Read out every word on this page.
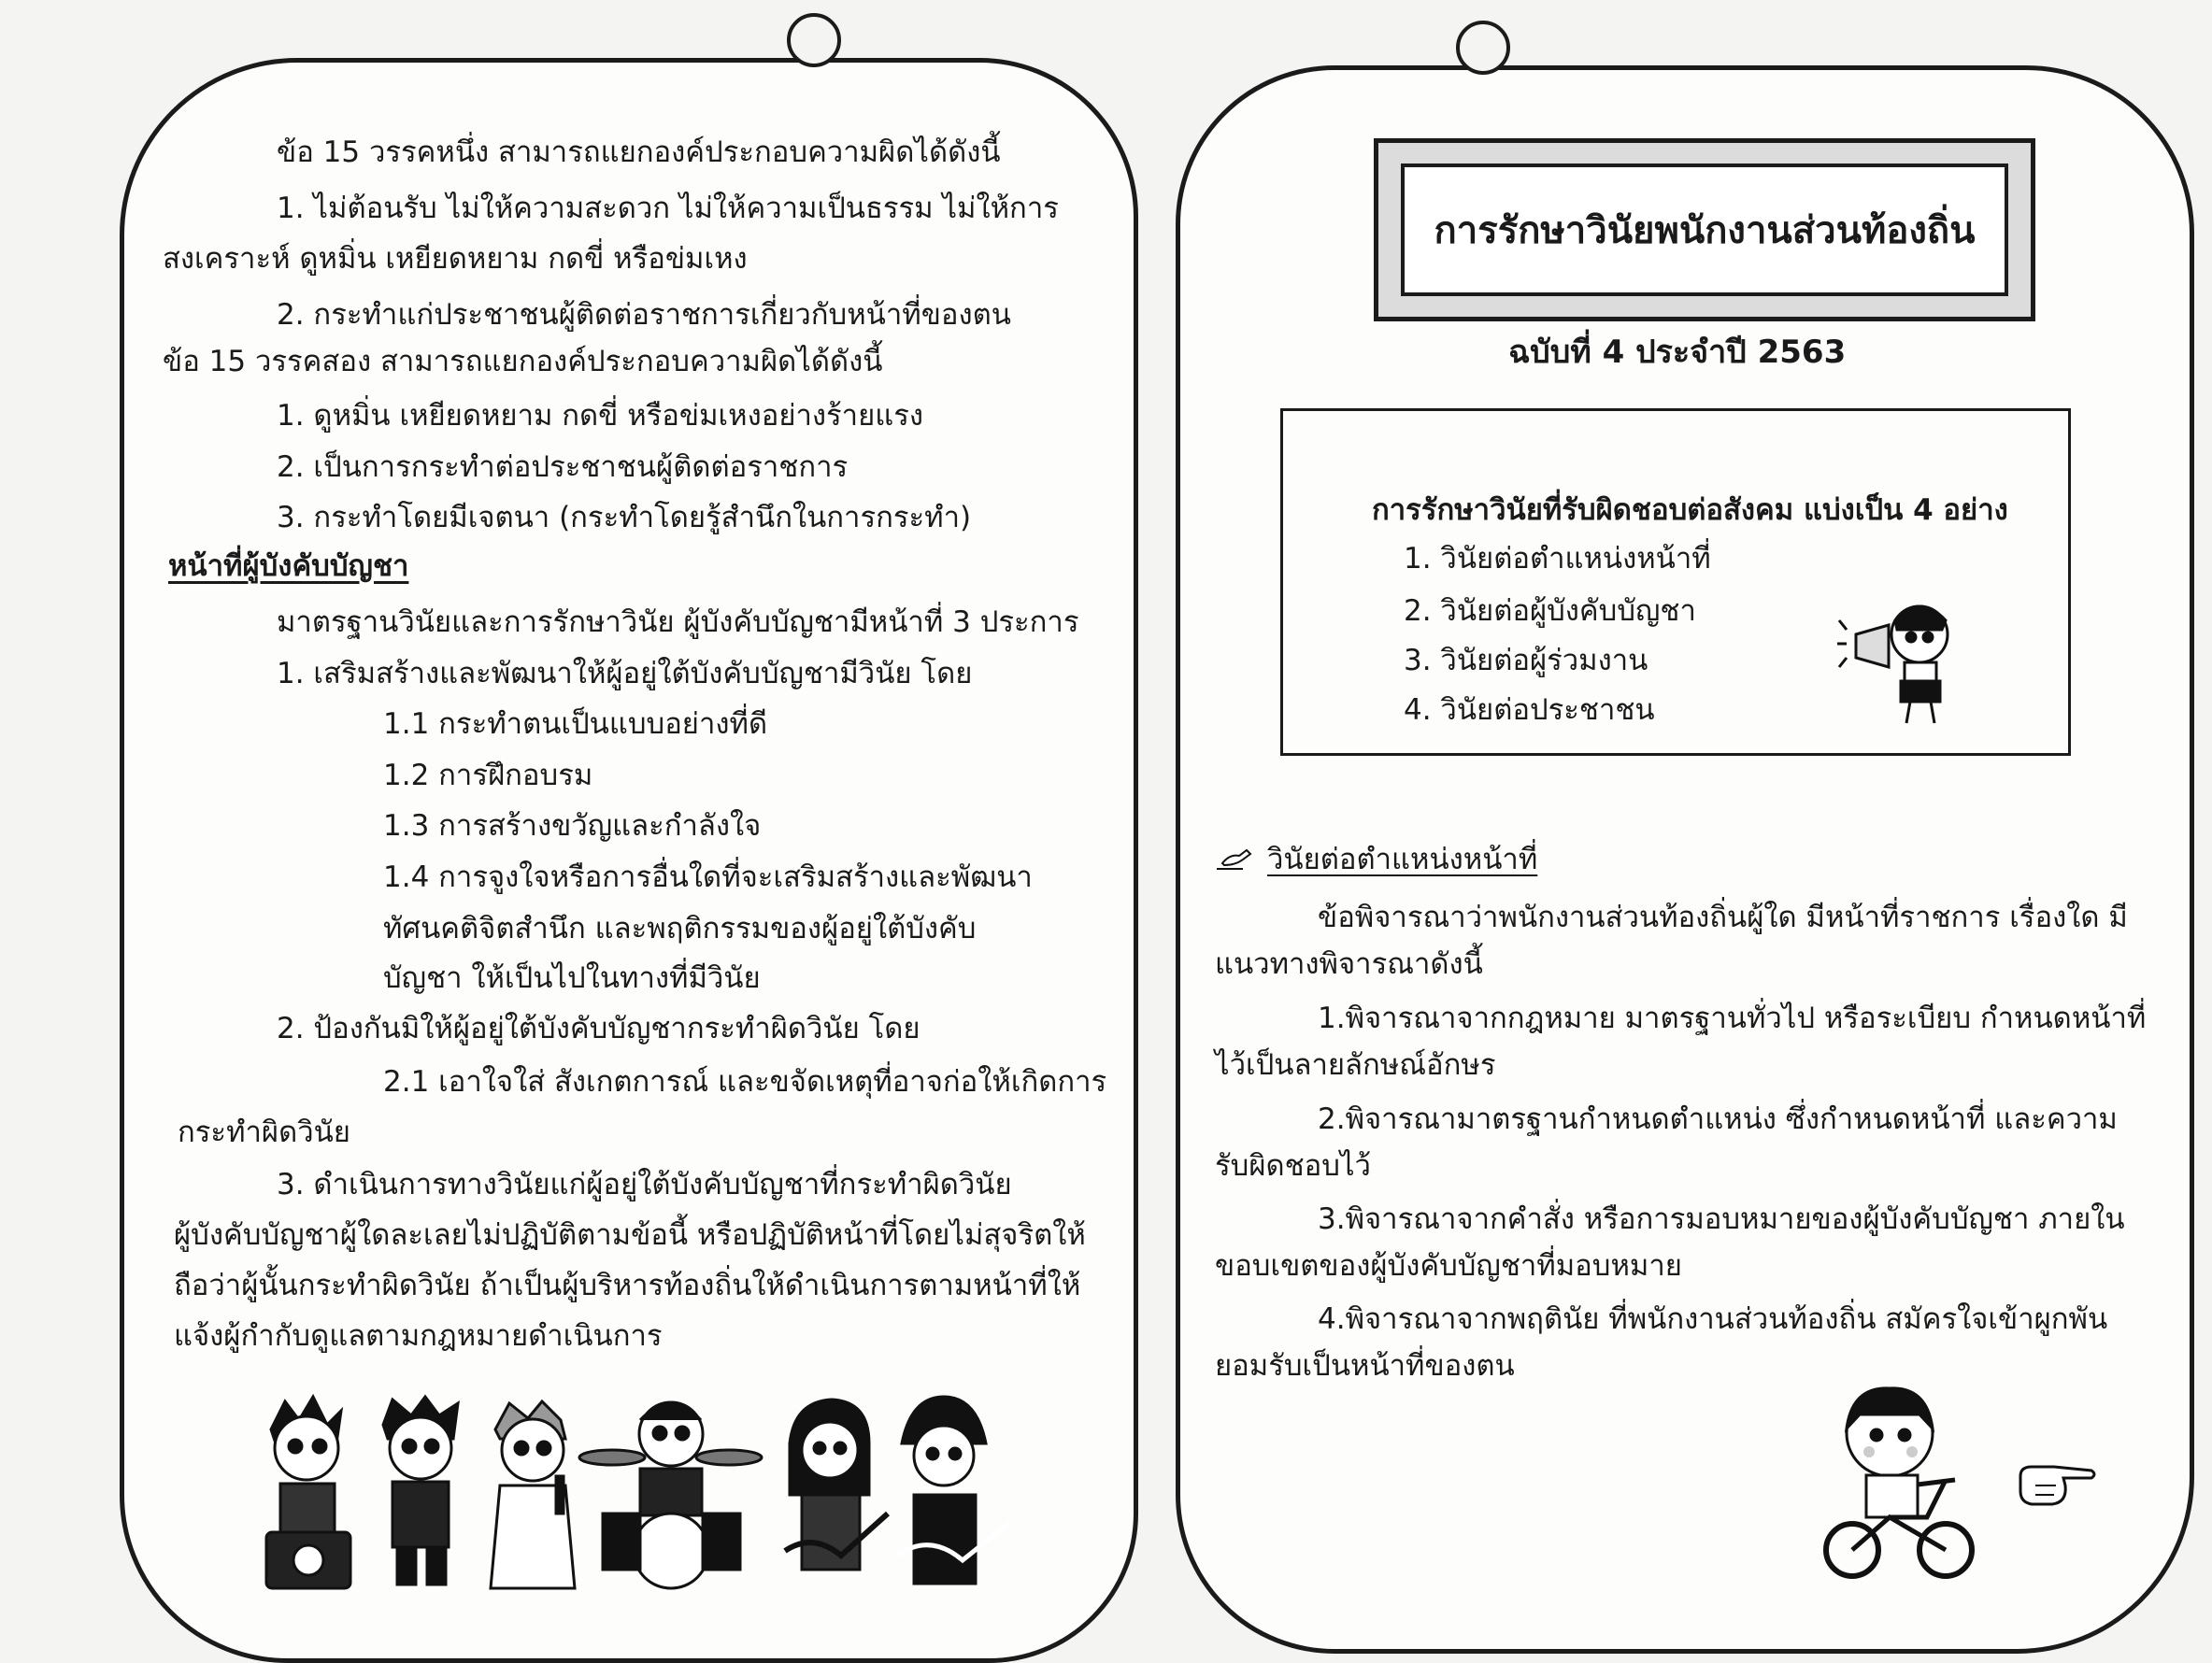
ข้อ 15 วรรคหนึ่ง สามารถแยกองค์ประกอบความผิดได้ดังนี้
1. ไม่ต้อนรับ ไม่ให้ความสะดวก ไม่ให้ความเป็นธรรม ไม่ให้การ
สงเคราะห์ ดูหมิ่น เหยียดหยาม กดขี่ หรือข่มเหง
2. กระทำแก่ประชาชนผู้ติดต่อราชการเกี่ยวกับหน้าที่ของตน
ข้อ 15 วรรคสอง สามารถแยกองค์ประกอบความผิดได้ดังนี้
1. ดูหมิ่น เหยียดหยาม กดขี่ หรือข่มเหงอย่างร้ายแรง
2. เป็นการกระทำต่อประชาชนผู้ติดต่อราชการ
3. กระทำโดยมีเจตนา (กระทำโดยรู้สำนึกในการกระทำ)
หน้าที่ผู้บังคับบัญชา
มาตรฐานวินัยและการรักษาวินัย ผู้บังคับบัญชามีหน้าที่ 3 ประการ
1. เสริมสร้างและพัฒนาให้ผู้อยู่ใต้บังคับบัญชามีวินัย โดย
1.1 กระทำตนเป็นแบบอย่างที่ดี
1.2 การฝึกอบรม
1.3 การสร้างขวัญและกำลังใจ
1.4 การจูงใจหรือการอื่นใดที่จะเสริมสร้างและพัฒนา
ทัศนคติจิตสำนึก และพฤติกรรมของผู้อยู่ใต้บังคับ
บัญชา ให้เป็นไปในทางที่มีวินัย
2. ป้องกันมิให้ผู้อยู่ใต้บังคับบัญชากระทำผิดวินัย โดย
2.1 เอาใจใส่ สังเกตการณ์ และขจัดเหตุที่อาจก่อให้เกิดการ
กระทำผิดวินัย
3. ดำเนินการทางวินัยแก่ผู้อยู่ใต้บังคับบัญชาที่กระทำผิดวินัย
ผู้บังคับบัญชาผู้ใดละเลยไม่ปฏิบัติตามข้อนี้ หรือปฏิบัติหน้าที่โดยไม่สุจริตให้
ถือว่าผู้นั้นกระทำผิดวินัย ถ้าเป็นผู้บริหารท้องถิ่นให้ดำเนินการตามหน้าที่ให้
แจ้งผู้กำกับดูแลตามกฎหมายดำเนินการ
การรักษาวินัยพนักงานส่วนท้องถิ่น
ฉบับที่ 4 ประจำปี 2563
การรักษาวินัยที่รับผิดชอบต่อสังคม แบ่งเป็น 4 อย่าง
1. วินัยต่อตำแหน่งหน้าที่
2. วินัยต่อผู้บังคับบัญชา
3. วินัยต่อผู้ร่วมงาน
4. วินัยต่อประชาชน
วินัยต่อตำแหน่งหน้าที่
ข้อพิจารณาว่าพนักงานส่วนท้องถิ่นผู้ใด มีหน้าที่ราชการ เรื่องใด มี
แนวทางพิจารณาดังนี้
1.พิจารณาจากกฎหมาย มาตรฐานทั่วไป หรือระเบียบ กำหนดหน้าที่
ไว้เป็นลายลักษณ์อักษร
2.พิจารณามาตรฐานกำหนดตำแหน่ง ซึ่งกำหนดหน้าที่ และความ
รับผิดชอบไว้
3.พิจารณาจากคำสั่ง หรือการมอบหมายของผู้บังคับบัญชา ภายใน
ขอบเขตของผู้บังคับบัญชาที่มอบหมาย
4.พิจารณาจากพฤตินัย ที่พนักงานส่วนท้องถิ่น สมัครใจเข้าผูกพัน
ยอมรับเป็นหน้าที่ของตน
